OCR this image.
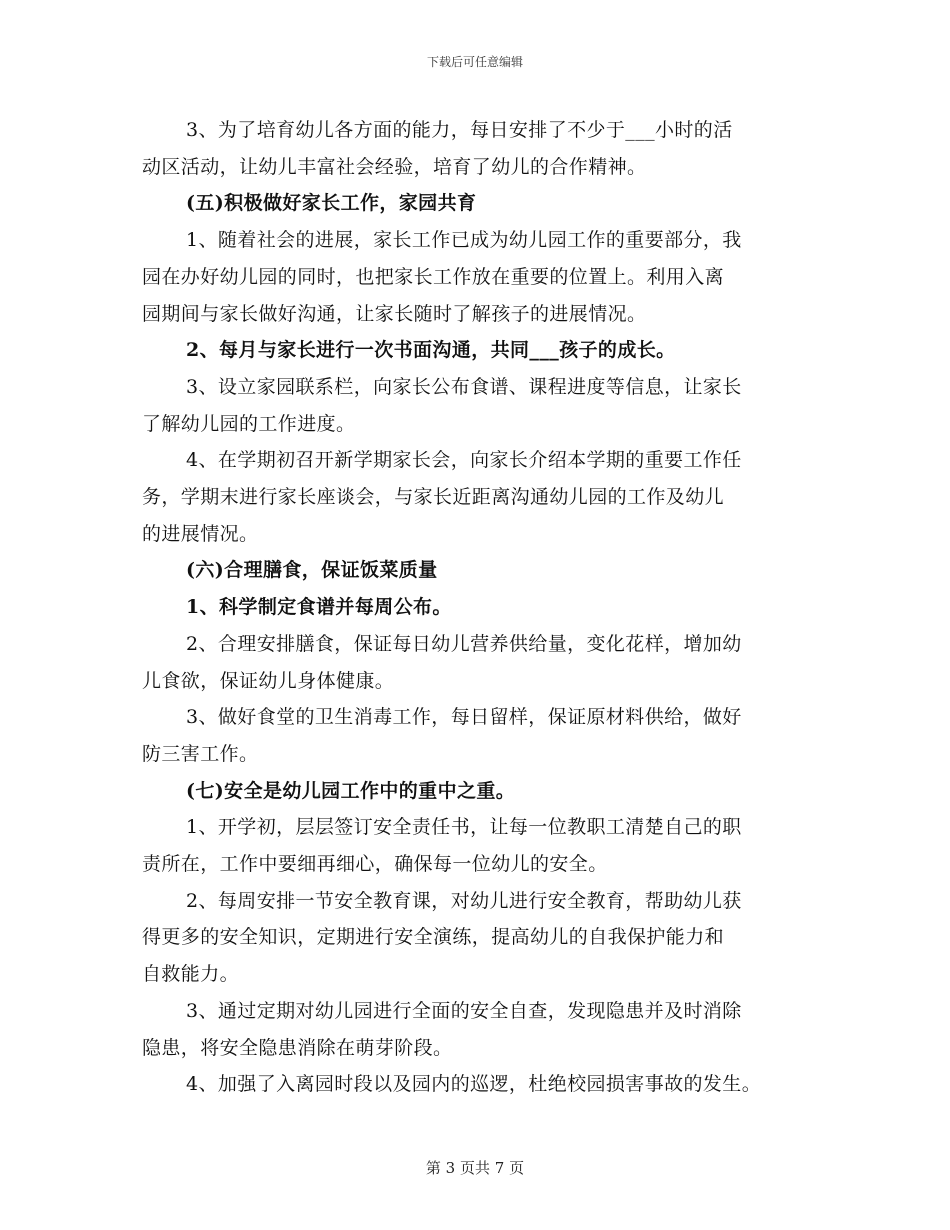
下载后可任意编辑

3、为了培育幼儿各方面的能力，每日安排了不少于___小时的活
动区活动，让幼儿丰富社会经验，培育了幼儿的合作精神。

(五)积极做好家长工作，家园共育

1、随着社会的进展，家长工作已成为幼儿园工作的重要部分，我
园在办好幼儿园的同时，也把家长工作放在重要的位置上。利用入离
园期间与家长做好沟通，让家长随时了解孩子的进展情况。

2、每月与家长进行一次书面沟通，共同___孩子的成长。

3、设立家园联系栏，向家长公布食谱、课程进度等信息，让家长
了解幼儿园的工作进度。

4、在学期初召开新学期家长会，向家长介绍本学期的重要工作任
务，学期末进行家长座谈会，与家长近距离沟通幼儿园的工作及幼儿
的进展情况。

(六)合理膳食，保证饭菜质量

1、科学制定食谱并每周公布。

2、合理安排膳食，保证每日幼儿营养供给量，变化花样，增加幼
儿食欲，保证幼儿身体健康。

3、做好食堂的卫生消毒工作，每日留样，保证原材料供给，做好
防三害工作。

(七)安全是幼儿园工作中的重中之重。

1、开学初，层层签订安全责任书，让每一位教职工清楚自己的职
责所在，工作中要细再细心，确保每一位幼儿的安全。

2、每周安排一节安全教育课，对幼儿进行安全教育，帮助幼儿获
得更多的安全知识，定期进行安全演练，提高幼儿的自我保护能力和
自救能力。

3、通过定期对幼儿园进行全面的安全自查，发现隐患并及时消除
隐患，将安全隐患消除在萌芽阶段。

4、加强了入离园时段以及园内的巡逻，杜绝校园损害事故的发生。

第 3 页共 7 页
